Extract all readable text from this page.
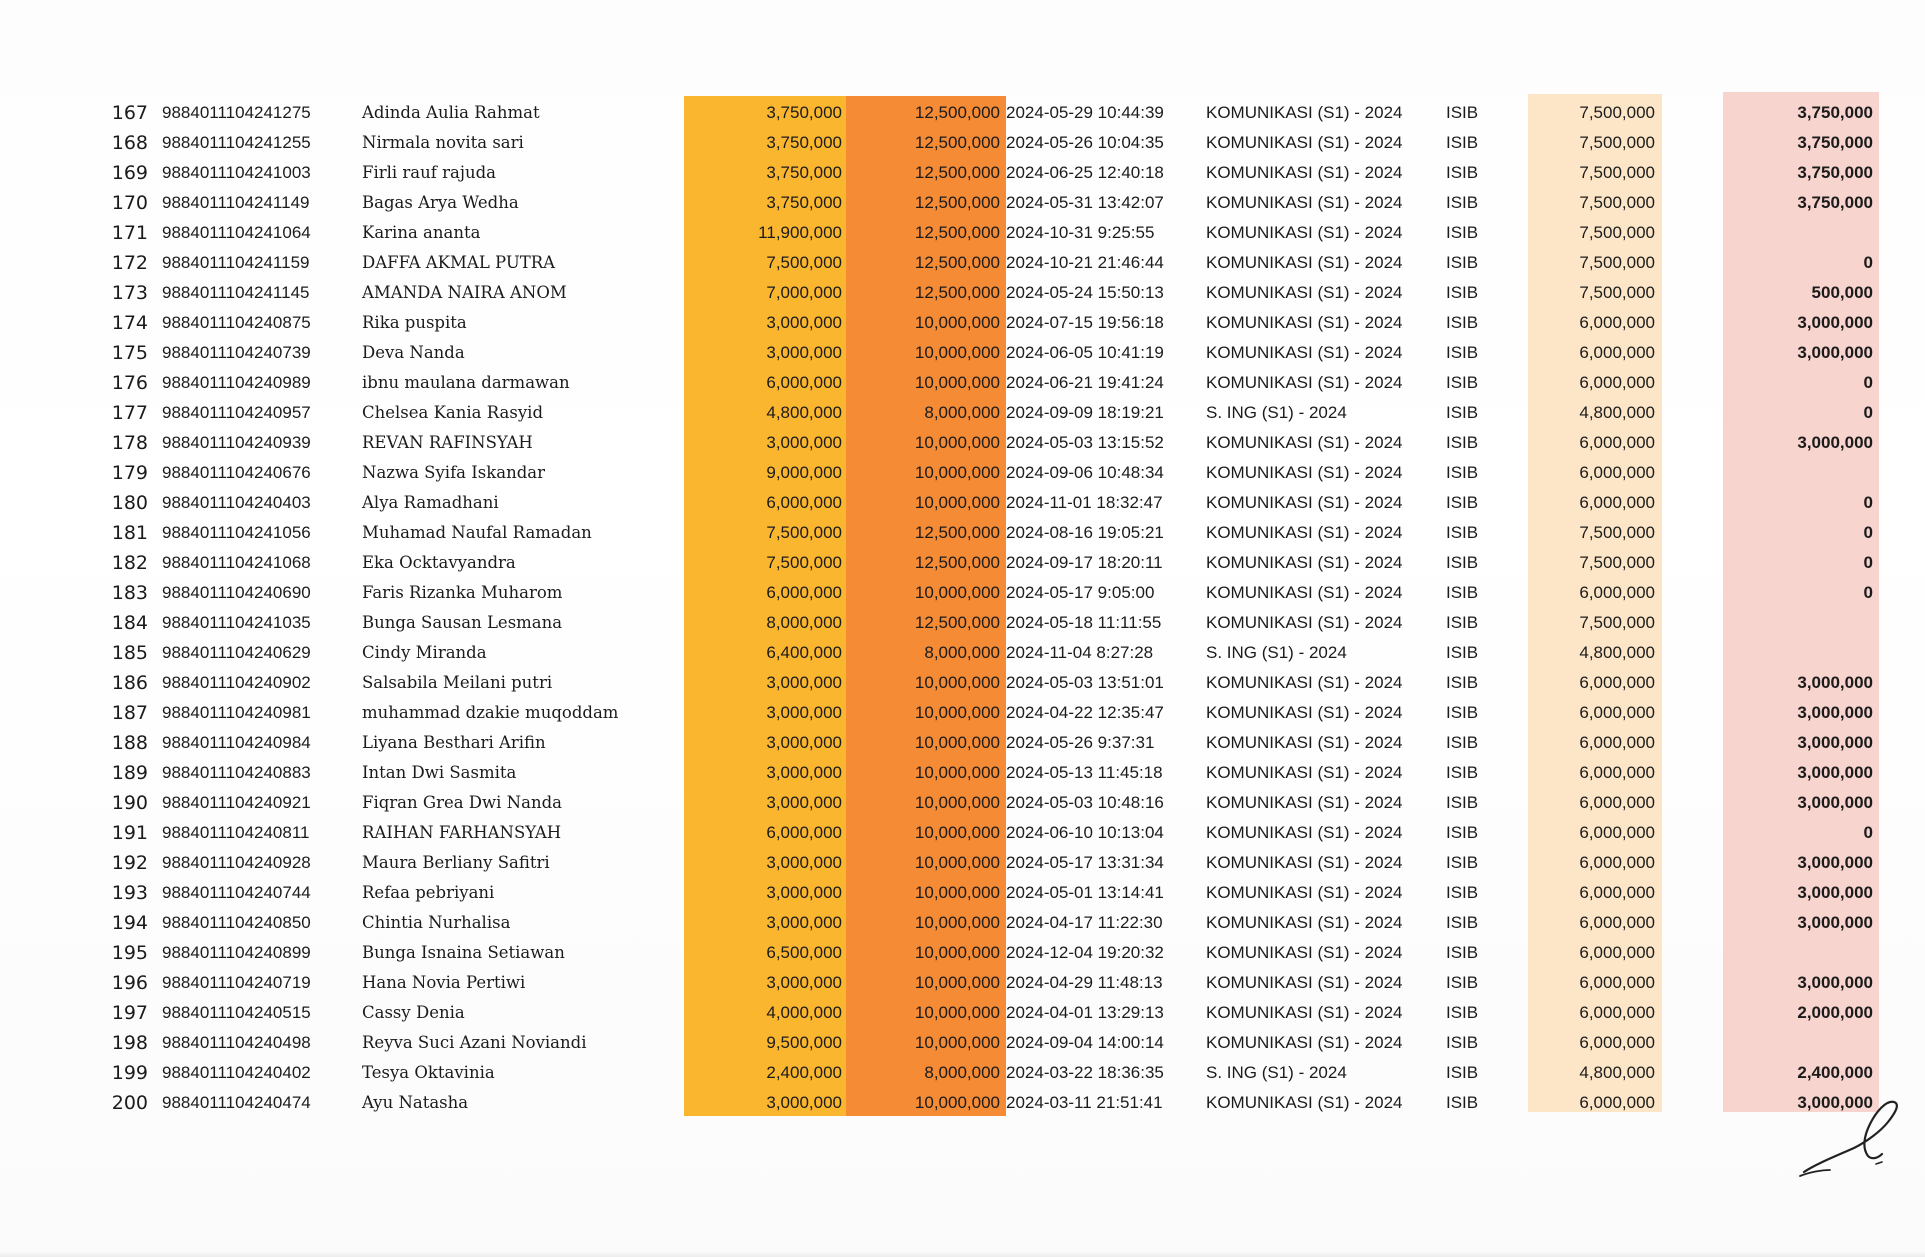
167 9884011104241275	Adinda Aulia Rahmat	3,750,000	12,500,000 2024-05-29 10:44:39	KOMUNIKASI (S1) - 2024	ISIB	7,500,000	3,750,000
168 9884011104241255	Nirmala novita sari	3,750,000	12,500,000 2024-05-26 10:04:35	KOMUNIKASI (S1) - 2024	ISIB	7,500,000	3,750,000
169 9884011104241003	Firli rauf rajuda	3,750,000	12,500,000 2024-06-25 12:40:18	KOMUNIKASI (S1) - 2024	ISIB	7,500,000	3,750,000
170 9884011104241149	Bagas Arya Wedha	3,750,000	12,500,000 2024-05-31 13:42:07	KOMUNIKASI (S1) - 2024	ISIB	7,500,000	3,750,000
171 9884011104241064	Karina ananta	11,900,000	12,500,000 2024-10-31 9:25:55	KOMUNIKASI (S1) - 2024	ISIB	7,500,000
172 9884011104241159	DAFFA AKMAL PUTRA	7,500,000	12,500,000 2024-10-21 21:46:44	KOMUNIKASI (S1) - 2024	ISIB	7,500,000	0
173 9884011104241145	AMANDA NAIRA ANOM	7,000,000	12,500,000 2024-05-24 15:50:13	KOMUNIKASI (S1) - 2024	ISIB	7,500,000	500,000
174 9884011104240875	Rika puspita	3,000,000	10,000,000 2024-07-15 19:56:18	KOMUNIKASI (S1) - 2024	ISIB	6,000,000	3,000,000
175 9884011104240739	Deva Nanda	3,000,000	10,000,000 2024-06-05 10:41:19	KOMUNIKASI (S1) - 2024	ISIB	6,000,000	3,000,000
176 9884011104240989	ibnu maulana darmawan	6,000,000	10,000,000 2024-06-21 19:41:24	KOMUNIKASI (S1) - 2024	ISIB	6,000,000	0
177 9884011104240957	Chelsea Kania Rasyid	4,800,000	8,000,000 2024-09-09 18:19:21	S. ING (S1) - 2024	ISIB	4,800,000	0
178 9884011104240939	REVAN RAFINSYAH	3,000,000	10,000,000 2024-05-03 13:15:52	KOMUNIKASI (S1) - 2024	ISIB	6,000,000	3,000,000
179 9884011104240676	Nazwa Syifa Iskandar	9,000,000	10,000,000 2024-09-06 10:48:34	KOMUNIKASI (S1) - 2024	ISIB	6,000,000
180 9884011104240403	Alya Ramadhani	6,000,000	10,000,000 2024-11-01 18:32:47	KOMUNIKASI (S1) - 2024	ISIB	6,000,000	0
181 9884011104241056	Muhamad Naufal Ramadan	7,500,000	12,500,000 2024-08-16 19:05:21	KOMUNIKASI (S1) - 2024	ISIB	7,500,000	0
182 9884011104241068	Eka Ocktavyandra	7,500,000	12,500,000 2024-09-17 18:20:11	KOMUNIKASI (S1) - 2024	ISIB	7,500,000	0
183 9884011104240690	Faris Rizanka Muharom	6,000,000	10,000,000 2024-05-17 9:05:00	KOMUNIKASI (S1) - 2024	ISIB	6,000,000	0
184 9884011104241035	Bunga Sausan Lesmana	8,000,000	12,500,000 2024-05-18 11:11:55	KOMUNIKASI (S1) - 2024	ISIB	7,500,000
185 9884011104240629	Cindy Miranda	6,400,000	8,000,000 2024-11-04 8:27:28	S. ING (S1) - 2024	ISIB	4,800,000
186 9884011104240902	Salsabila Meilani putri	3,000,000	10,000,000 2024-05-03 13:51:01	KOMUNIKASI (S1) - 2024	ISIB	6,000,000	3,000,000
187 9884011104240981	muhammad dzakie muqoddam	3,000,000	10,000,000 2024-04-22 12:35:47	KOMUNIKASI (S1) - 2024	ISIB	6,000,000	3,000,000
188 9884011104240984	Liyana Besthari Arifin	3,000,000	10,000,000 2024-05-26 9:37:31	KOMUNIKASI (S1) - 2024	ISIB	6,000,000	3,000,000
189 9884011104240883	Intan Dwi Sasmita	3,000,000	10,000,000 2024-05-13 11:45:18	KOMUNIKASI (S1) - 2024	ISIB	6,000,000	3,000,000
190 9884011104240921	Fiqran Grea Dwi Nanda	3,000,000	10,000,000 2024-05-03 10:48:16	KOMUNIKASI (S1) - 2024	ISIB	6,000,000	3,000,000
191 9884011104240811	RAIHAN FARHANSYAH	6,000,000	10,000,000 2024-06-10 10:13:04	KOMUNIKASI (S1) - 2024	ISIB	6,000,000	0
192 9884011104240928	Maura Berliany Safitri	3,000,000	10,000,000 2024-05-17 13:31:34	KOMUNIKASI (S1) - 2024	ISIB	6,000,000	3,000,000
193 9884011104240744	Refaa pebriyani	3,000,000	10,000,000 2024-05-01 13:14:41	KOMUNIKASI (S1) - 2024	ISIB	6,000,000	3,000,000
194 9884011104240850	Chintia Nurhalisa	3,000,000	10,000,000 2024-04-17 11:22:30	KOMUNIKASI (S1) - 2024	ISIB	6,000,000	3,000,000
195 9884011104240899	Bunga Isnaina Setiawan	6,500,000	10,000,000 2024-12-04 19:20:32	KOMUNIKASI (S1) - 2024	ISIB	6,000,000
196 9884011104240719	Hana Novia Pertiwi	3,000,000	10,000,000 2024-04-29 11:48:13	KOMUNIKASI (S1) - 2024	ISIB	6,000,000	3,000,000
197 9884011104240515	Cassy Denia	4,000,000	10,000,000 2024-04-01 13:29:13	KOMUNIKASI (S1) - 2024	ISIB	6,000,000	2,000,000
198 9884011104240498	Reyva Suci Azani Noviandi	9,500,000	10,000,000 2024-09-04 14:00:14	KOMUNIKASI (S1) - 2024	ISIB	6,000,000
199 9884011104240402	Tesya Oktavinia	2,400,000	8,000,000 2024-03-22 18:36:35	S. ING (S1) - 2024	ISIB	4,800,000	2,400,000
200 9884011104240474	Ayu Natasha	3,000,000	10,000,000 2024-03-11 21:51:41	KOMUNIKASI (S1) - 2024	ISIB	6,000,000	3,000,000
